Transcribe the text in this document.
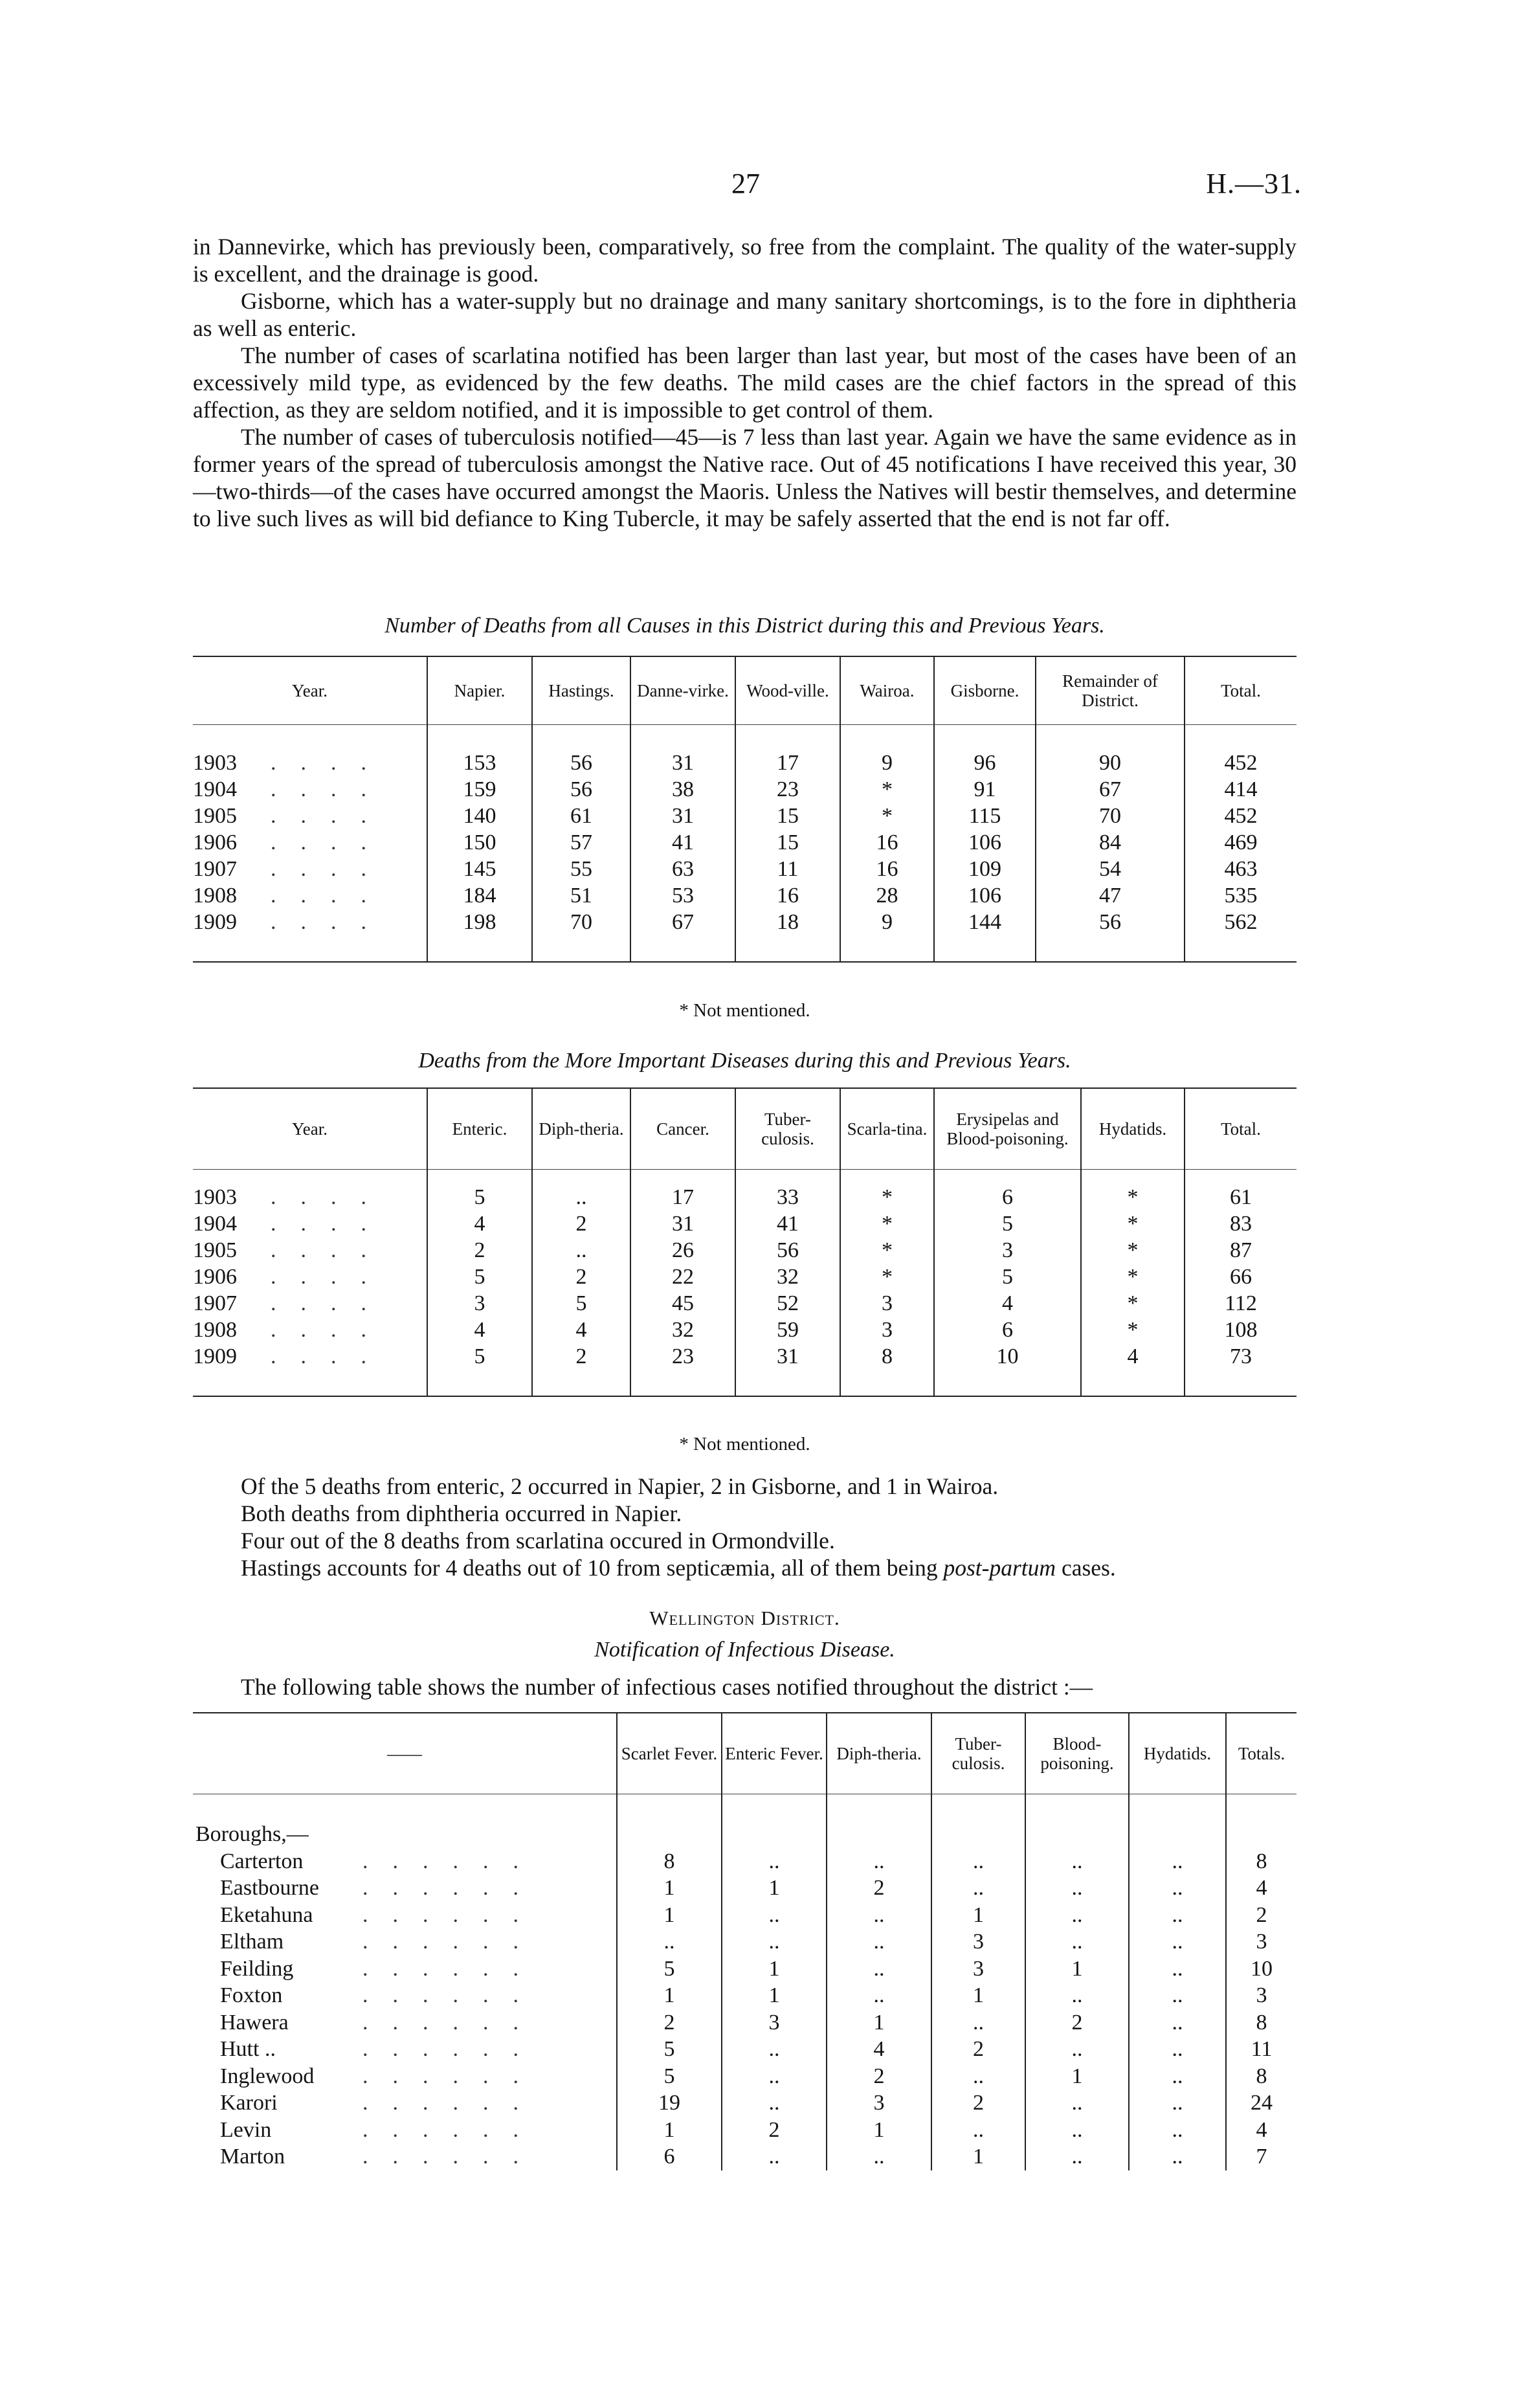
27	H.—31.

in Dannevirke, which has previously been, comparatively, so free from the complaint. The quality of the water-supply is excellent, and the drainage is good.

Gisborne, which has a water-supply but no drainage and many sanitary shortcomings, is to the fore in diphtheria as well as enteric.

The number of cases of scarlatina notified has been larger than last year, but most of the cases have been of an excessively mild type, as evidenced by the few deaths. The mild cases are the chief factors in the spread of this affection, as they are seldom notified, and it is impossible to get control of them.

The number of cases of tuberculosis notified—45—is 7 less than last year. Again we have the same evidence as in former years of the spread of tuberculosis amongst the Native race. Out of 45 notifications I have received this year, 30—two-thirds—of the cases have occurred amongst the Maoris. Unless the Natives will bestir themselves, and determine to live such lives as will bid defiance to King Tubercle, it may be safely asserted that the end is not far off.

Number of Deaths from all Causes in this District during this and Previous Years.
Year.	Napier.	Hastings.	Danne-virke.	Wood-ville.	Wairoa.	Gisborne.	Remainder of District.	Total.

1903 ....	153	56	31	17	9	96	90	452
1904 ....	159	56	38	23	*	91	67	414
1905 ....	140	61	31	15	*	115	70	452
1906 ....	150	57	41	15	16	106	84	469
1907 ....	145	55	63	11	16	109	54	463
1908 ....	184	51	53	16	28	106	47	535
1909 ....	198	70	67	18	9	144	56	562

* Not mentioned.
Deaths from the More Important Diseases during this and Previous Years.
Year.	Enteric.	Diph-theria.	Cancer.	Tuber-culosis.	Scarla-tina.	Erysipelas and Blood-poisoning.	Hydatids.	Total.

1903 ....	5	..	17	33	*	6	*	61
1904 ....	4	2	31	41	*	5	*	83
1905 ....	2	..	26	56	*	3	*	87
1906 ....	5	2	22	32	*	5	*	66
1907 ....	3	5	45	52	3	4	*	112
1908 ....	4	4	32	59	3	6	*	108
1909 ....	5	2	23	31	8	10	4	73

* Not mentioned.

Of the 5 deaths from enteric, 2 occurred in Napier, 2 in Gisborne, and 1 in Wairoa.

Both deaths from diphtheria occurred in Napier.

Four out of the 8 deaths from scarlatina occured in Ormondville.

Hastings accounts for 4 deaths out of 10 from septicæmia, all of them being post-partum cases.

Wellington District.
Notification of Infectious Disease.
The following table shows the number of infectious cases notified throughout the district :—
——	Scarlet Fever.	Enteric Fever.	Diph-theria.	Tuber-culosis.	Blood-poisoning.	Hydatids.	Totals.

Boroughs,—							
Carterton ......	8	..	..	..	..	..	8
Eastbourne ......	1	1	2	..	..	..	4
Eketahuna ......	1	..	..	1	..	..	2
Eltham ......	..	..	..	3	..	..	3
Feilding ......	5	1	..	3	1	..	10
Foxton ......	1	1	..	1	..	..	3
Hawera ......	2	3	1	..	2	..	8
Hutt .. ......	5	..	4	2	..	..	11
Inglewood ......	5	..	2	..	1	..	8
Karori ......	19	..	3	2	..	..	24
Levin ......	1	2	1	..	..	..	4
Marton ......	6	..	..	1	..	..	7
